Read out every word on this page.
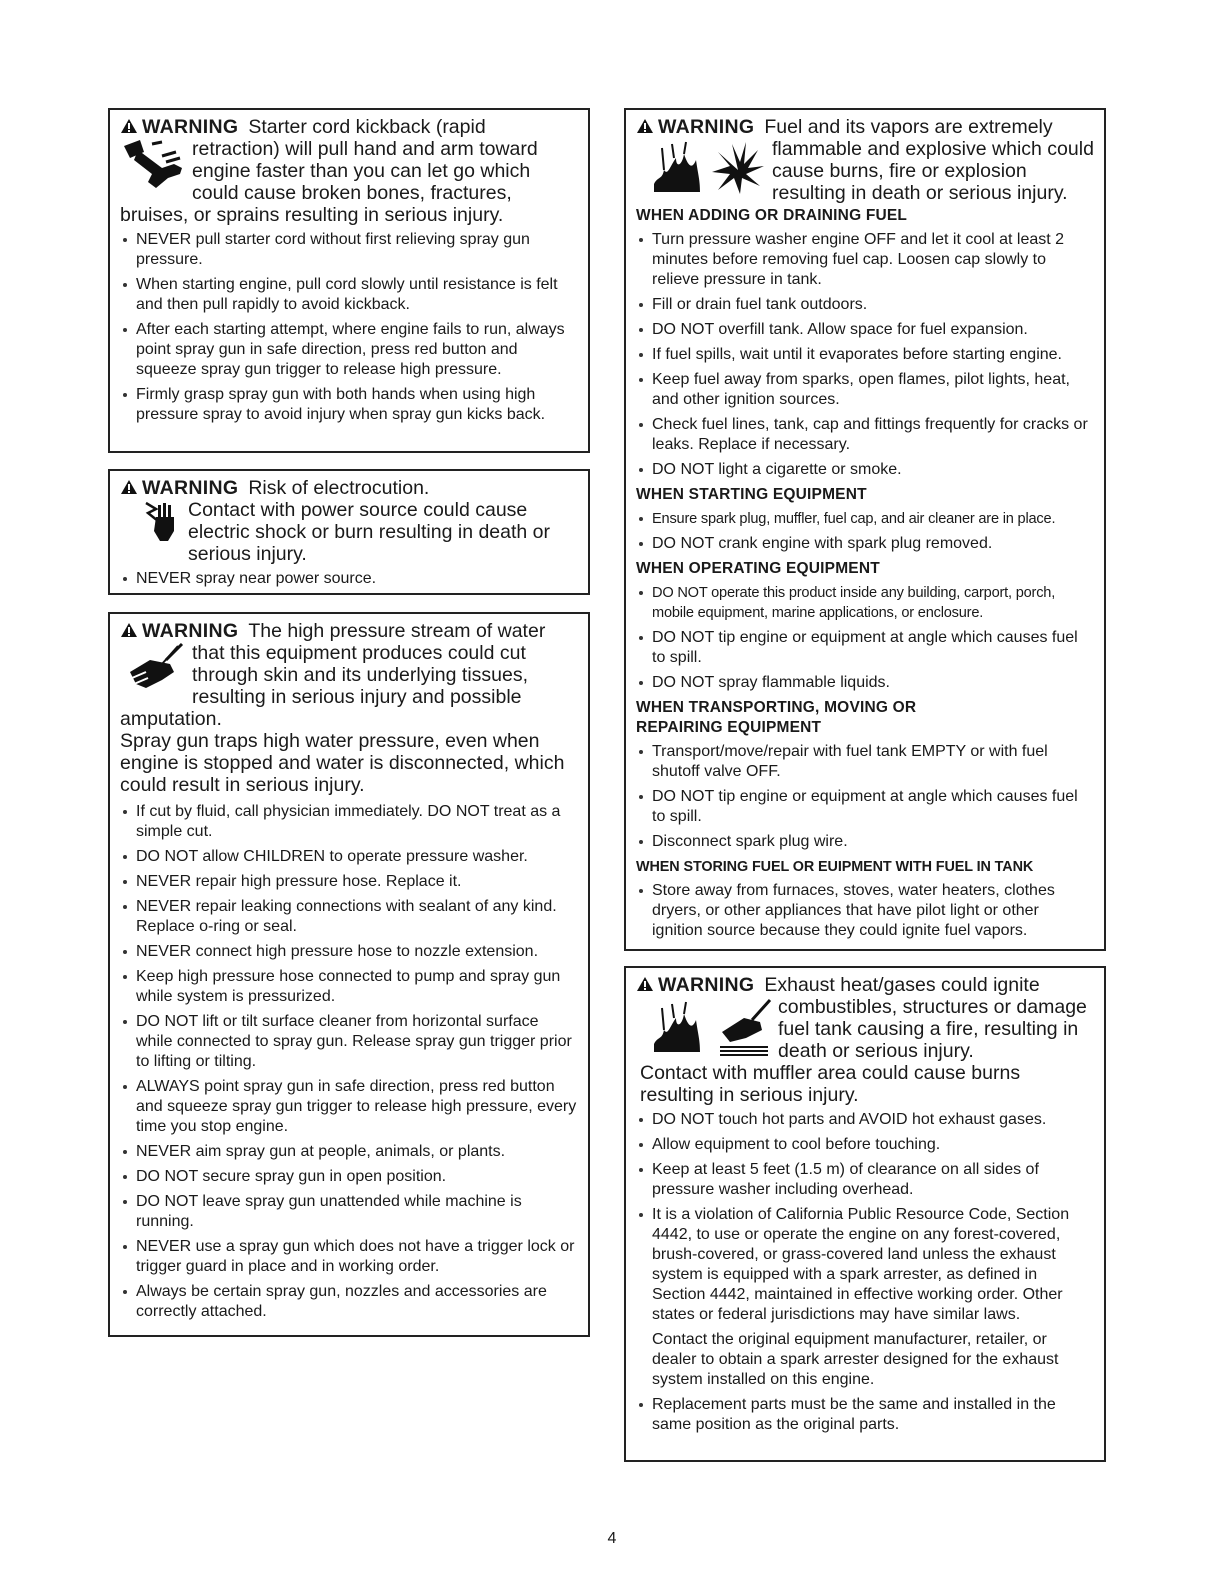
WARNING Starter cord kickback (rapid
retraction) will pull hand and arm toward
engine faster than you can let go which
could cause broken bones, fractures,
bruises, or sprains resulting in serious injury.
NEVER pull starter cord without first relieving spray gun pressure.
When starting engine, pull cord slowly until resistance is felt and then pull rapidly to avoid kickback.
After each starting attempt, where engine fails to run, always point spray gun in safe direction, press red button and squeeze spray gun trigger to release high pressure.
Firmly grasp spray gun with both hands when using high pressure spray to avoid injury when spray gun kicks back.
WARNING Risk of electrocution.
Contact with power source could cause
electric shock or burn resulting in death or
serious injury.
NEVER spray near power source.
WARNING The high pressure stream of water
that this equipment produces could cut
through skin and its underlying tissues,
resulting in serious injury and possible
amputation.
Spray gun traps high water pressure, even when engine is stopped and water is disconnected, which could result in serious injury.
If cut by fluid, call physician immediately. DO NOT treat as a simple cut.
DO NOT allow CHILDREN to operate pressure washer.
NEVER repair high pressure hose. Replace it.
NEVER repair leaking connections with sealant of any kind. Replace o-ring or seal.
NEVER connect high pressure hose to nozzle extension.
Keep high pressure hose connected to pump and spray gun while system is pressurized.
DO NOT lift or tilt surface cleaner from horizontal surface while connected to spray gun. Release spray gun trigger prior to lifting or tilting.
ALWAYS point spray gun in safe direction, press red button and squeeze spray gun trigger to release high pressure, every time you stop engine.
NEVER aim spray gun at people, animals, or plants.
DO NOT secure spray gun in open position.
DO NOT leave spray gun unattended while machine is running.
NEVER use a spray gun which does not have a trigger lock or trigger guard in place and in working order.
Always be certain spray gun, nozzles and accessories are correctly attached.
WARNING Fuel and its vapors are extremely
flammable and explosive which could
cause burns, fire or explosion
resulting in death or serious injury.
WHEN ADDING OR DRAINING FUEL
Turn pressure washer engine OFF and let it cool at least 2 minutes before removing fuel cap. Loosen cap slowly to relieve pressure in tank.
Fill or drain fuel tank outdoors.
DO NOT overfill tank. Allow space for fuel expansion.
If fuel spills, wait until it evaporates before starting engine.
Keep fuel away from sparks, open flames, pilot lights, heat, and other ignition sources.
Check fuel lines, tank, cap and fittings frequently for cracks or leaks. Replace if necessary.
DO NOT light a cigarette or smoke.
WHEN STARTING EQUIPMENT
Ensure spark plug, muffler, fuel cap, and air cleaner are in place.
DO NOT crank engine with spark plug removed.
WHEN OPERATING EQUIPMENT
DO NOT operate this product inside any building, carport, porch, mobile equipment, marine applications, or enclosure.
DO NOT tip engine or equipment at angle which causes fuel to spill.
DO NOT spray flammable liquids.
WHEN TRANSPORTING, MOVING OR REPAIRING EQUIPMENT
Transport/move/repair with fuel tank EMPTY or with fuel shutoff valve OFF.
DO NOT tip engine or equipment at angle which causes fuel to spill.
Disconnect spark plug wire.
WHEN STORING FUEL OR EUIPMENT WITH FUEL IN TANK
Store away from furnaces, stoves, water heaters, clothes dryers, or other appliances that have pilot light or other ignition source because they could ignite fuel vapors.
WARNING Exhaust heat/gases could ignite
combustibles, structures or damage
fuel tank causing a fire, resulting in
death or serious injury.
Contact with muffler area could cause burns resulting in serious injury.
DO NOT touch hot parts and AVOID hot exhaust gases.
Allow equipment to cool before touching.
Keep at least 5 feet (1.5 m) of clearance on all sides of pressure washer including overhead.
It is a violation of California Public Resource Code, Section 4442, to use or operate the engine on any forest-covered, brush-covered, or grass-covered land unless the exhaust system is equipped with a spark arrester, as defined in Section 4442, maintained in effective working order. Other states or federal jurisdictions may have similar laws.
Contact the original equipment manufacturer, retailer, or dealer to obtain a spark arrester designed for the exhaust system installed on this engine.
Replacement parts must be the same and installed in the same position as the original parts.
4
